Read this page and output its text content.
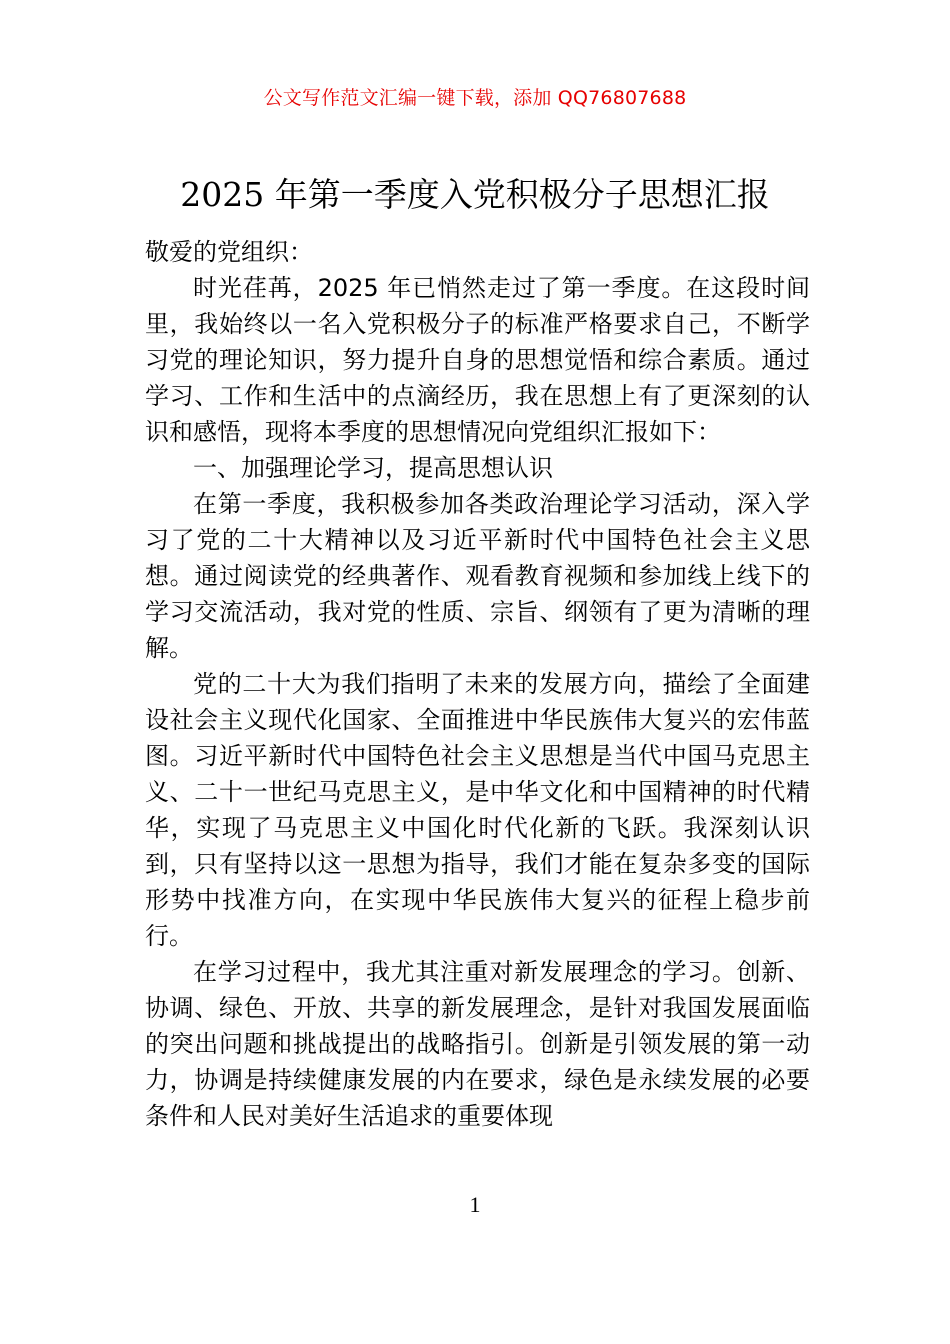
公文写作范文汇编一键下载，添加 QQ76807688
2025 年第一季度入党积极分子思想汇报

敬爱的党组织：

时光荏苒，2025 年已悄然走过了第一季度。在这段时间里，我始终以一名入党积极分子的标准严格要求自己，不断学习党的理论知识，努力提升自身的思想觉悟和综合素质。通过学习、工作和生活中的点滴经历，我在思想上有了更深刻的认识和感悟，现将本季度的思想情况向党组织汇报如下：

一、加强理论学习，提高思想认识

在第一季度，我积极参加各类政治理论学习活动，深入学习了党的二十大精神以及习近平新时代中国特色社会主义思想。通过阅读党的经典著作、观看教育视频和参加线上线下的学习交流活动，我对党的性质、宗旨、纲领有了更为清晰的理解。

党的二十大为我们指明了未来的发展方向，描绘了全面建设社会主义现代化国家、全面推进中华民族伟大复兴的宏伟蓝图。习近平新时代中国特色社会主义思想是当代中国马克思主义、二十一世纪马克思主义，是中华文化和中国精神的时代精华，实现了马克思主义中国化时代化新的飞跃。我深刻认识到，只有坚持以这一思想为指导，我们才能在复杂多变的国际形势中找准方向，在实现中华民族伟大复兴的征程上稳步前行。

在学习过程中，我尤其注重对新发展理念的学习。创新、协调、绿色、开放、共享的新发展理念，是针对我国发展面临的突出问题和挑战提出的战略指引。创新是引领发展的第一动力，协调是持续健康发展的内在要求，绿色是永续发展的必要条件和人民对美好生活追求的重要体现

1
